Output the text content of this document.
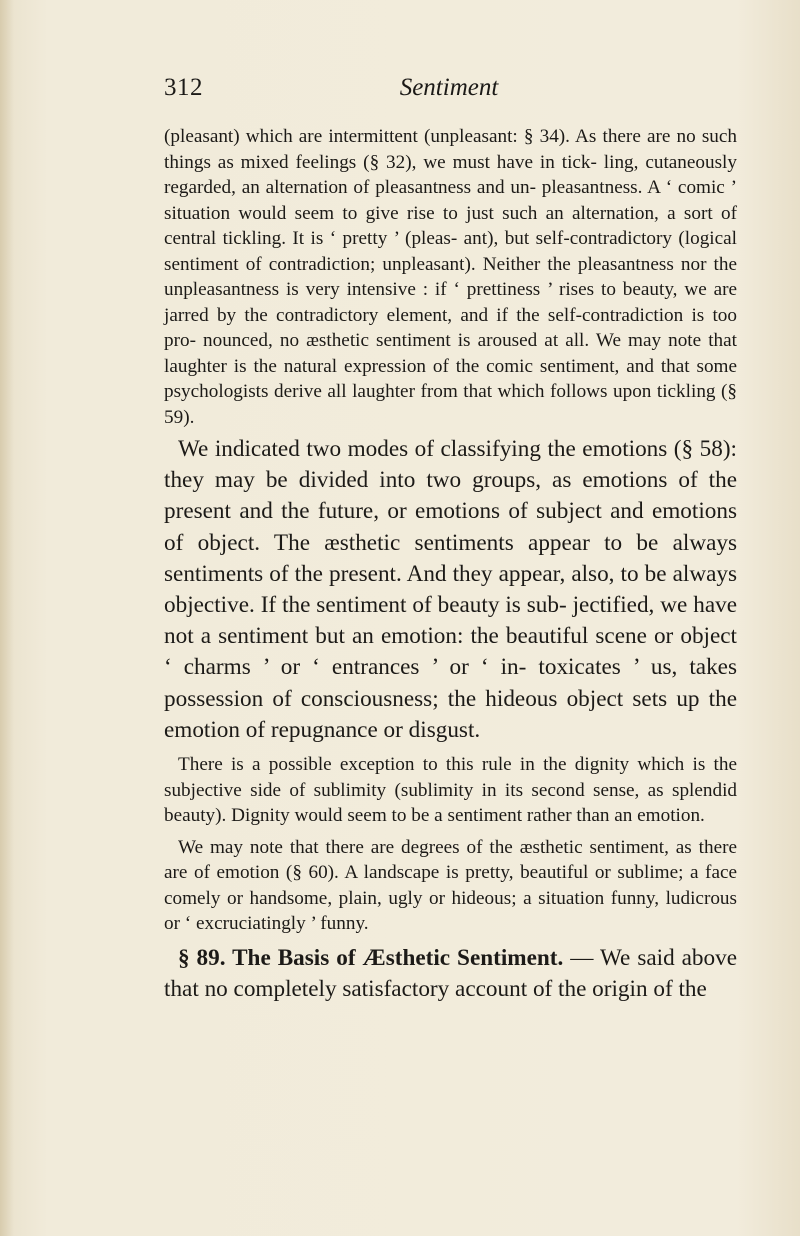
312	Sentiment

(pleasant) which are intermittent (unpleasant: § 34). As there are no such things as mixed feelings (§ 32), we must have in tick- ling, cutaneously regarded, an alternation of pleasantness and un- pleasantness. A ‘ comic ’ situation would seem to give rise to just such an alternation, a sort of central tickling. It is ‘ pretty ’ (pleas- ant), but self-contradictory (logical sentiment of contradiction; unpleasant). Neither the pleasantness nor the unpleasantness is very intensive : if ‘ prettiness ’ rises to beauty, we are jarred by the contradictory element, and if the self-contradiction is too pro- nounced, no æsthetic sentiment is aroused at all. We may note that laughter is the natural expression of the comic sentiment, and that some psychologists derive all laughter from that which follows upon tickling (§ 59).

We indicated two modes of classifying the emotions (§ 58): they may be divided into two groups, as emotions of the present and the future, or emotions of subject and emotions of object. The æsthetic sentiments appear to be always sentiments of the present. And they appear, also, to be always objective. If the sentiment of beauty is sub- jectified, we have not a sentiment but an emotion: the beautiful scene or object ‘ charms ’ or ‘ entrances ’ or ‘ in- toxicates ’ us, takes possession of consciousness; the hideous object sets up the emotion of repugnance or disgust.

There is a possible exception to this rule in the dignity which is the subjective side of sublimity (sublimity in its second sense, as splendid beauty). Dignity would seem to be a sentiment rather than an emotion.

We may note that there are degrees of the æsthetic sentiment, as there are of emotion (§ 60). A landscape is pretty, beautiful or sublime; a face comely or handsome, plain, ugly or hideous; a situation funny, ludicrous or ‘ excruciatingly ’ funny.

§ 89. The Basis of Æsthetic Sentiment. — We said above that no completely satisfactory account of the origin of the
